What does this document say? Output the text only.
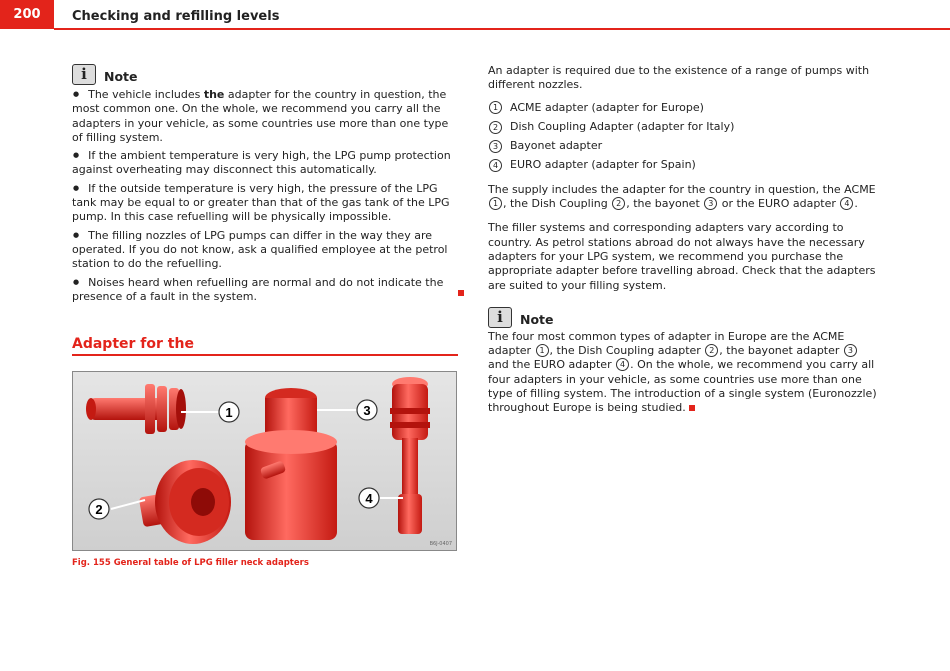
200	Checking and refilling levels
i Note

● The vehicle includes the adapter for the country in question, the most common one. On the whole, we recommend you carry all the adapters in your vehicle, as some countries use more than one type of filling system.

● If the ambient temperature is very high, the LPG pump protection against overheating may disconnect this automatically.

● If the outside temperature is very high, the pressure of the LPG tank may be equal to or greater than that of the gas tank of the LPG pump. In this case refuelling will be physically impossible.

● The filling nozzles of LPG pumps can differ in the way they are operated. If you do not know, ask a qualified employee at the petrol station to do the refuelling.

● Noises heard when refuelling are normal and do not indicate the presence of a fault in the system.

Adapter for the
1
2
3
4
B6J-0407
Fig. 155 General table of LPG filler neck adapters

An adapter is required due to the existence of a range of pumps with different nozzles.

1	ACME adapter (adapter for Europe)
2	Dish Coupling Adapter (adapter for Italy)
3	Bayonet adapter
4	EURO adapter (adapter for Spain)

The supply includes the adapter for the country in question, the ACME 1 , the Dish Coupling 2 , the bayonet 3 or the EURO adapter 4 .

The filler systems and corresponding adapters vary according to country. As petrol stations abroad do not always have the necessary adapters for your LPG system, we recommend you purchase the appropriate adapter before travelling abroad. Check that the adapters are suited to your filling system.

i Note

The four most common types of adapter in Europe are the ACME adapter 1 , the Dish Coupling adapter 2 , the bayonet adapter 3 and the EURO adapter 4 . On the whole, we recommend you carry all four adapters in your vehicle, as some countries use more than one type of filling system. The introduction of a single system (Euronozzle) throughout Europe is being studied.
